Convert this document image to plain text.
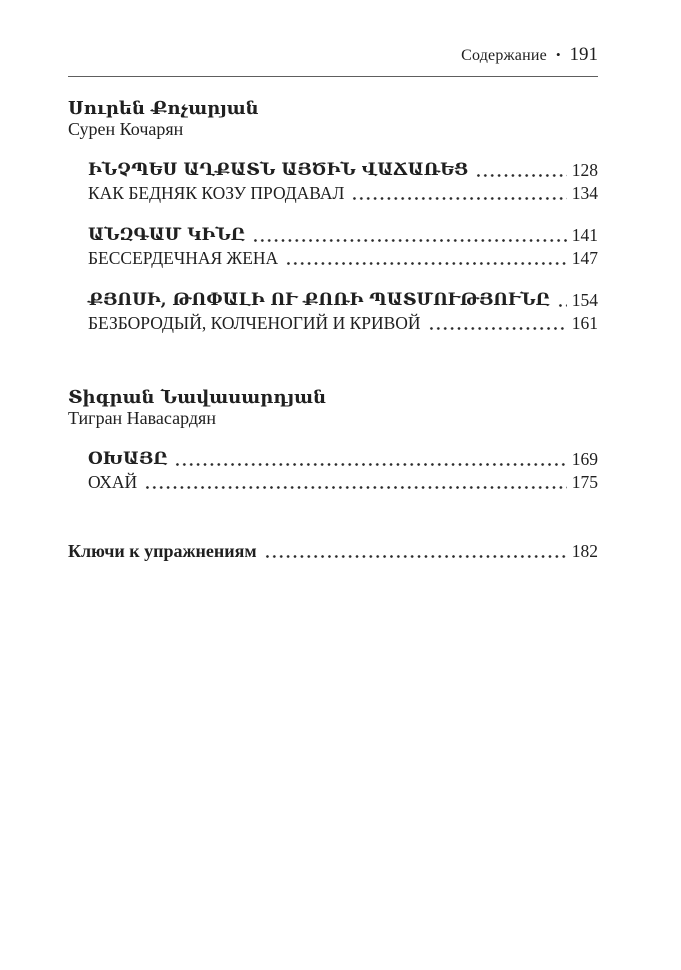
Содержание • 191
Սուրեն Քոչարյան
Сурен Кочарян
ԻՆՉՊԵՍ ԱՂՔԱՏՆ ԱՅԾԻՆ ՎԱՃԱՌԵՑ	128
КАК БЕДНЯК КОЗУ ПРОДАВАЛ	134
ԱՆԶԳԱՄ ԿԻՆԸ	141
БЕССЕРДЕЧНАЯ ЖЕНА	147
ՔՅՈՍԻ, ԹՈՓԱԼԻ ՈՒ ՔՈՌԻ ՊԱՏՄՈՒԹՅՈՒՆԸ 154
БЕЗБОРОДЫЙ, КОЛЧЕНОГИЙ И КРИВОЙ	161
Տիգրան Նավասարդյան
Тигран Навасардян
ՕԽԱՅԸ	169
ОХАЙ	175
Ключи к упражнениям	182
